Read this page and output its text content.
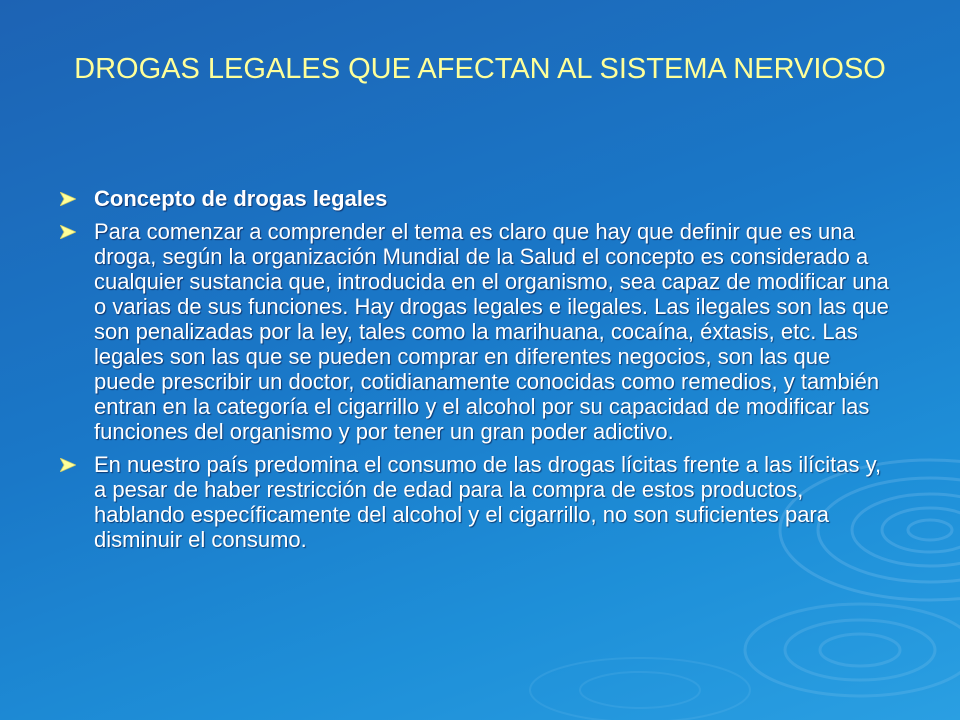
DROGAS LEGALES QUE AFECTAN AL SISTEMA NERVIOSO
Concepto de drogas legales
Para comenzar a comprender el tema es claro que hay que definir que es una droga, según la organización Mundial de la Salud el concepto es considerado a cualquier sustancia que, introducida en el organismo, sea capaz de modificar una o varias de sus funciones. Hay drogas legales e ilegales. Las ilegales son las que son penalizadas por la ley, tales como la marihuana, cocaína, éxtasis, etc. Las legales son las que se pueden comprar en diferentes negocios, son las que puede prescribir un doctor, cotidianamente conocidas como remedios, y también entran en la categoría el cigarrillo y el alcohol por su capacidad de modificar las funciones del organismo y por tener un gran poder adictivo.
En nuestro país predomina el consumo de las drogas lícitas frente a las ilícitas y, a pesar de haber restricción de edad para la compra de estos productos, hablando específicamente del alcohol y el cigarrillo, no son suficientes para disminuir el consumo.
